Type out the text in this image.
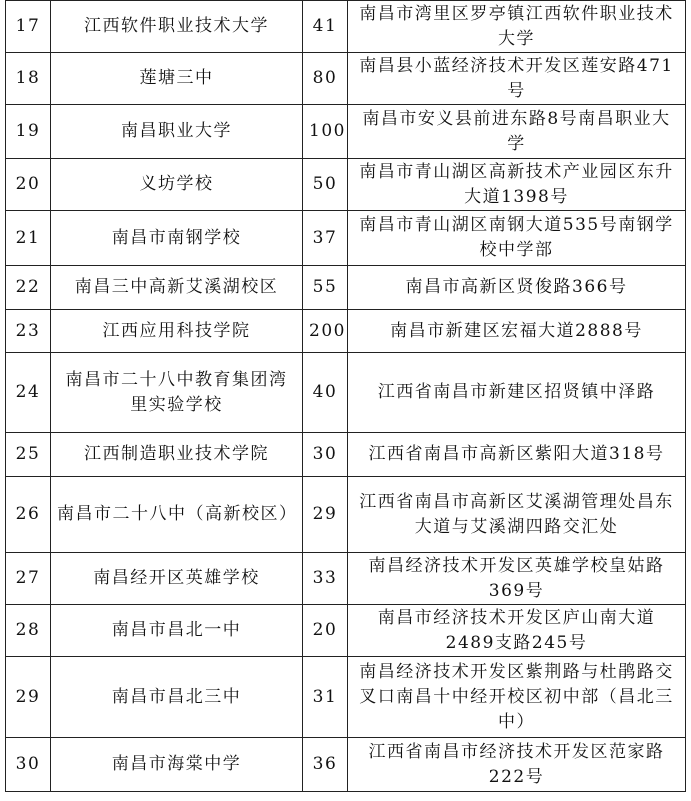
17	江西软件职业技术大学	41	南昌市湾里区罗亭镇江西软件职业技术大学
18	莲塘三中	80	南昌县小蓝经济技术开发区莲安路471号
19	南昌职业大学	100	南昌市安义县前进东路8号南昌职业大学
20	义坊学校	50	南昌市青山湖区高新技术产业园区东升大道1398号
21	南昌市南钢学校	37	南昌市青山湖区南钢大道535号南钢学校中学部
22	南昌三中高新艾溪湖校区	55	南昌市高新区贤俊路366号
23	江西应用科技学院	200	南昌市新建区宏福大道2888号
24	南昌市二十八中教育集团湾里实验学校	40	江西省南昌市新建区招贤镇中泽路
25	江西制造职业技术学院	30	江西省南昌市高新区紫阳大道318号
26	南昌市二十八中（高新校区）	29	江西省南昌市高新区艾溪湖管理处昌东大道与艾溪湖四路交汇处
27	南昌经开区英雄学校	33	南昌经济技术开发区英雄学校皇姑路369号
28	南昌市昌北一中	20	南昌市经济技术开发区庐山南大道2489支路245号
29	南昌市昌北三中	31	南昌经济技术开发区紫荆路与杜鹃路交叉口南昌十中经开校区初中部（昌北三中）
30	南昌市海棠中学	36	江西省南昌市经济技术开发区范家路222号
